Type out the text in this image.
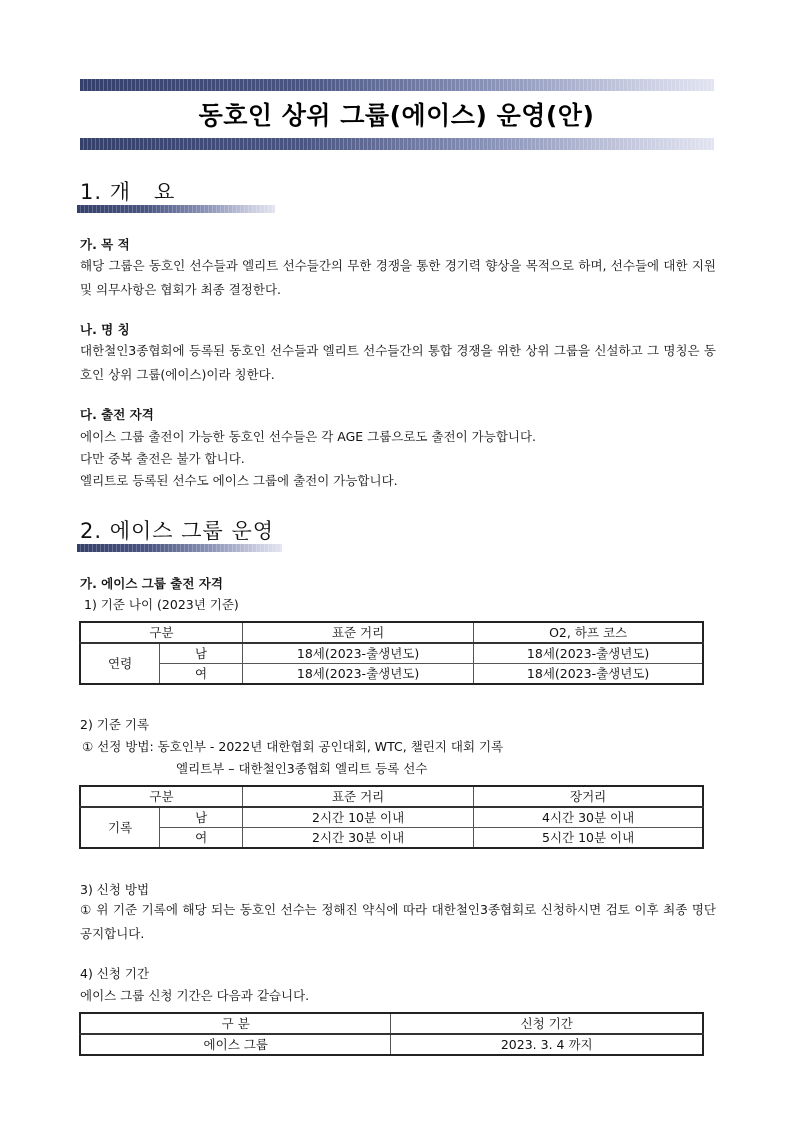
동호인 상위 그룹(에이스) 운영(안)
1. 개   요
가. 목 적
해당 그룹은 동호인 선수들과 엘리트 선수들간의 무한 경쟁을 통한 경기력 향상을 목적으로 하며, 선수들에 대한 지원 및 의무사항은 협회가 최종 결정한다.
나. 명 칭
대한철인3종협회에 등록된 동호인 선수들과 엘리트 선수들간의 통합 경쟁을 위한 상위 그룹을 신설하고 그 명칭은 동호인 상위 그룹(에이스)이라 칭한다.
다. 출전 자격
에이스 그룹 출전이 가능한 동호인 선수들은 각 AGE 그룹으로도 출전이 가능합니다.
다만 중복 출전은 불가 합니다.
엘리트로 등록된 선수도 에이스 그룹에 출전이 가능합니다.
2. 에이스 그룹 운영
가. 에이스 그룹 출전 자격
1) 기준 나이 (2023년 기준)
구분		표준 거리	O2, 하프 코스
연령	남	18세(2023-출생년도)	18세(2023-출생년도)
	여	18세(2023-출생년도)	18세(2023-출생년도)
2) 기준 기록
① 선정 방법: 동호인부 - 2022년 대한협회 공인대회, WTC, 챌린지 대회 기록
엘리트부 – 대한철인3종협회 엘리트 등록 선수
구분		표준 거리	장거리
기록	남	2시간 10분 이내	4시간 30분 이내
	여	2시간 30분 이내	5시간 10분 이내
3) 신청 방법
① 위 기준 기록에 해당 되는 동호인 선수는 정해진 약식에 따라 대한철인3종협회로 신청하시면 검토 이후 최종 명단 공지합니다.
4) 신청 기간
에이스 그룹 신청 기간은 다음과 같습니다.
구 분	신청 기간
에이스 그룹	2023. 3. 4 까지
